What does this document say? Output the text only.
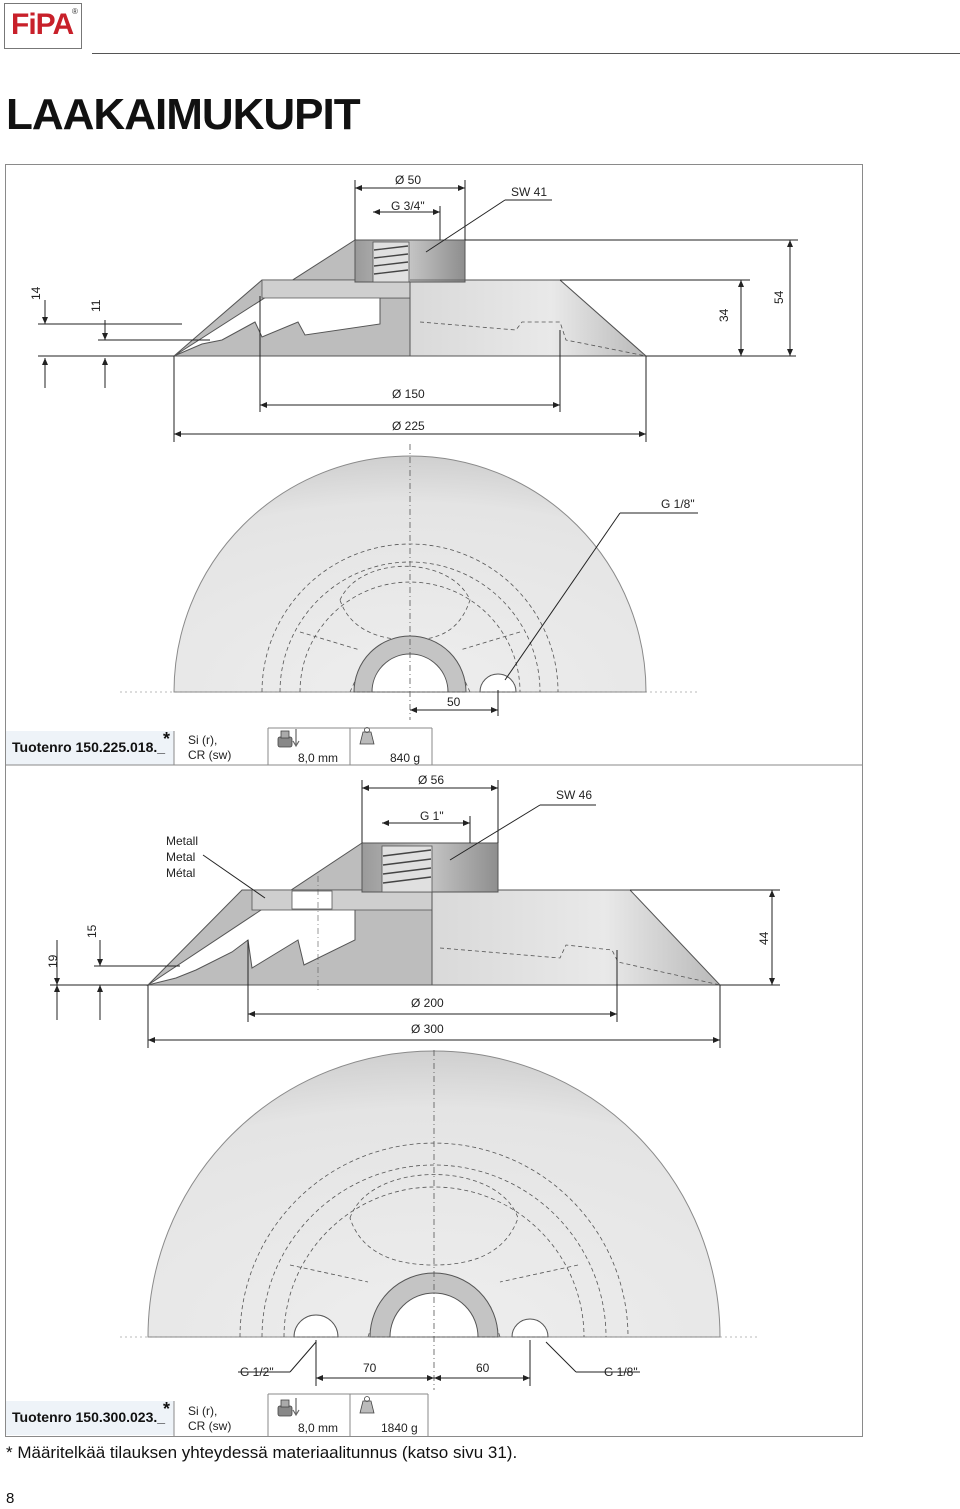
FiPA
®
LAAKAIMUKUPIT
Ø 50
G 3/4"
SW 41
14
11
34
54
Ø 150
Ø 225
G 1/8"
50
Ø 56
G 1"
SW 46
Metall
Metal
Métal
19
15
44
Ø 200
Ø 300
G 1/2"	70	60	G 1/8"
Tuotenro 150.225.018._
* Si (r),
CR (sw)	8,0 mm	840 g
Tuotenro 150.300.023._
* Si (r),
CR (sw)	8,0 mm	1840 g
* Määritelkää tilauksen yhteydessä materiaalitunnus (katso sivu 31).
8
